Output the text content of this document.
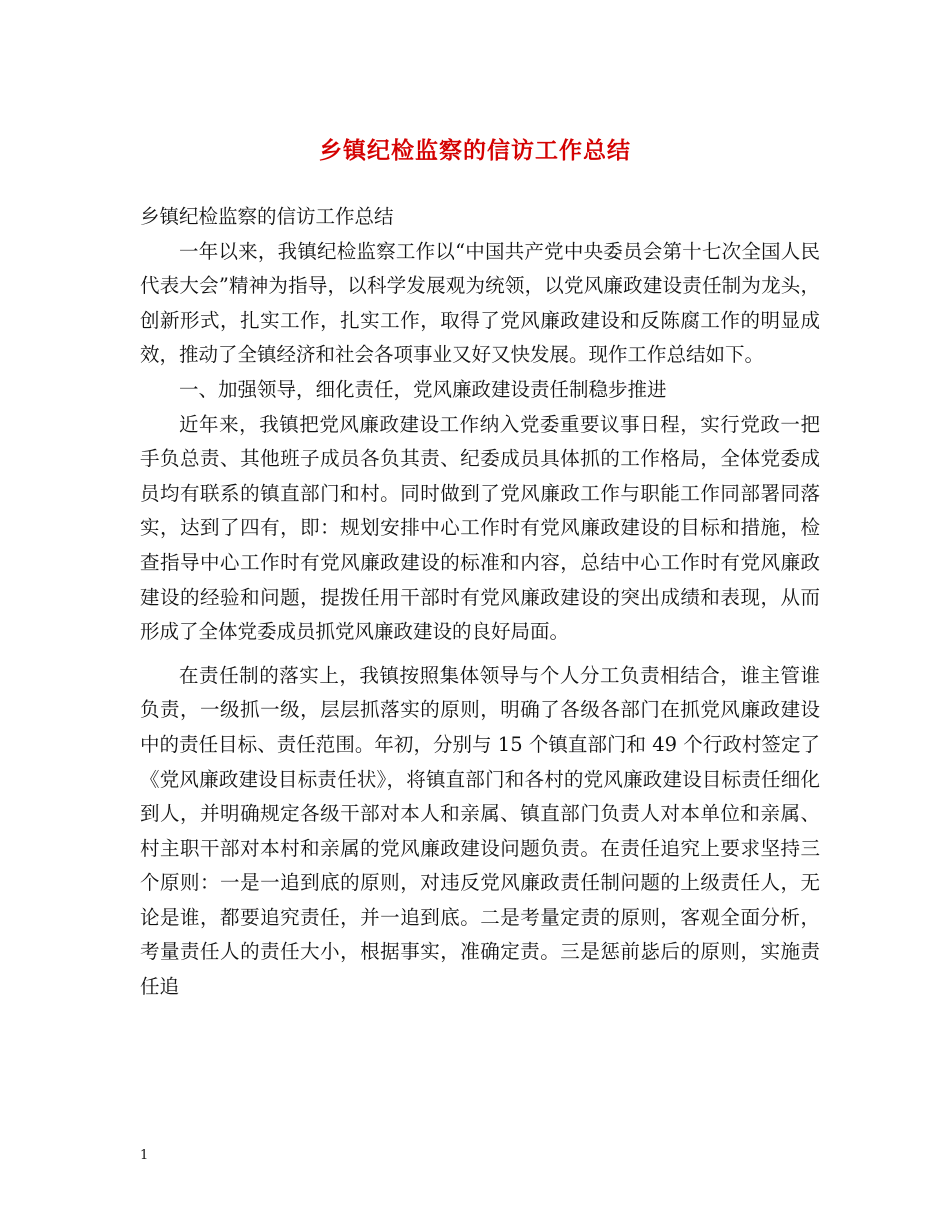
乡镇纪检监察的信访工作总结

乡镇纪检监察的信访工作总结

一年以来，我镇纪检监察工作以“中国共产党中央委员会第十七次全国人民代表大会”精神为指导，以科学发展观为统领，以党风廉政建设责任制为龙头，创新形式，扎实工作，扎实工作，取得了党风廉政建设和反陈腐工作的明显成效，推动了全镇经济和社会各项事业又好又快发展。现作工作总结如下。

一、加强领导，细化责任，党风廉政建设责任制稳步推进

近年来，我镇把党风廉政建设工作纳入党委重要议事日程，实行党政一把手负总责、其他班子成员各负其责、纪委成员具体抓的工作格局，全体党委成员均有联系的镇直部门和村。同时做到了党风廉政工作与职能工作同部署同落实，达到了四有，即：规划安排中心工作时有党风廉政建设的目标和措施，检查指导中心工作时有党风廉政建设的标准和内容，总结中心工作时有党风廉政建设的经验和问题，提拨任用干部时有党风廉政建设的突出成绩和表现，从而形成了全体党委成员抓党风廉政建设的良好局面。

在责任制的落实上，我镇按照集体领导与个人分工负责相结合，谁主管谁负责，一级抓一级，层层抓落实的原则，明确了各级各部门在抓党风廉政建设中的责任目标、责任范围。年初，分别与 15 个镇直部门和 49 个行政村签定了《党风廉政建设目标责任状》，将镇直部门和各村的党风廉政建设目标责任细化到人，并明确规定各级干部对本人和亲属、镇直部门负责人对本单位和亲属、村主职干部对本村和亲属的党风廉政建设问题负责。在责任追究上要求坚持三个原则：一是一追到底的原则，对违反党风廉政责任制问题的上级责任人，无论是谁，都要追究责任，并一追到底。二是考量定责的原则，客观全面分析，考量责任人的责任大小，根据事实，准确定责。三是惩前毖后的原则，实施责任追

1
